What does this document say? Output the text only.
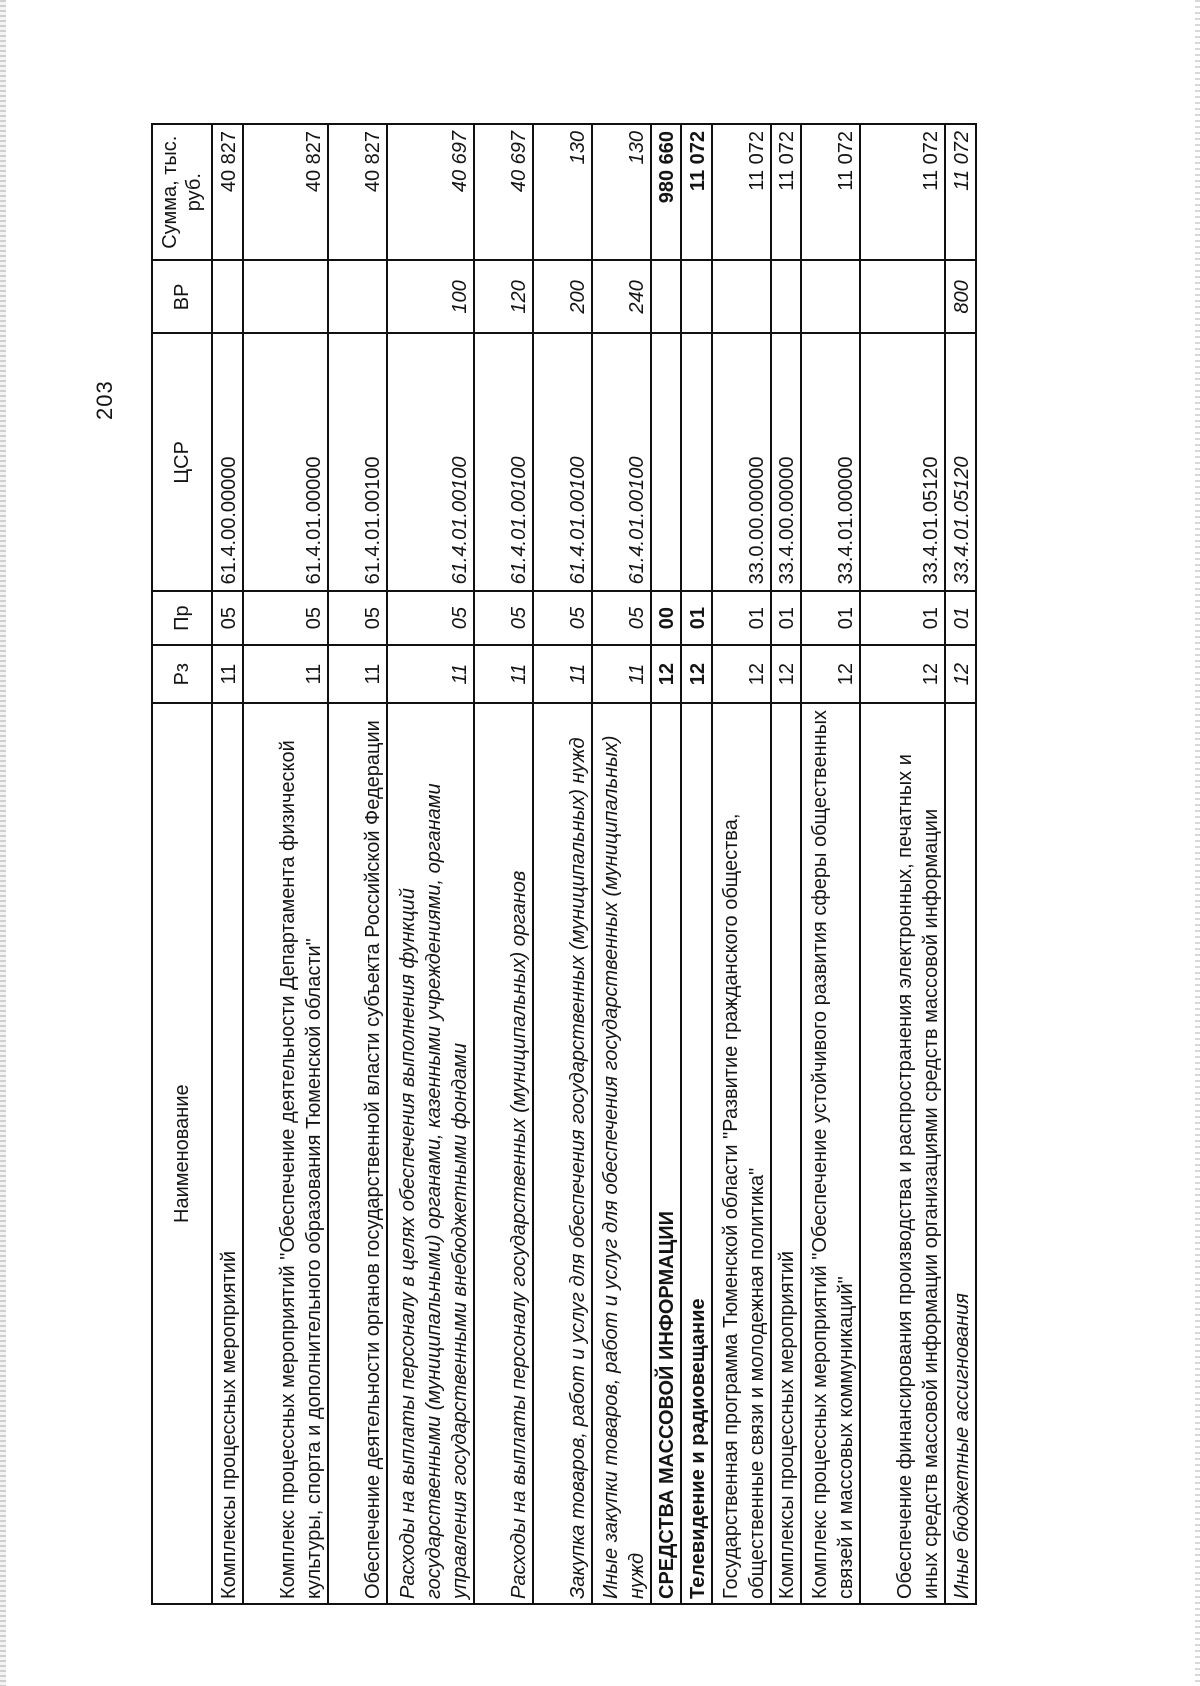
203
Наименование	Рз	Пр	ЦСР	ВР	Сумма, тыс. руб.
Комплексы процессных мероприятий	11	05	61.4.00.00000		40 827
Комплекс процессных мероприятий "Обеспечение деятельности Департамента физической культуры, спорта и дополнительного образования Тюменской области"	11	05	61.4.01.00000		40 827
Обеспечение деятельности органов государственной власти субъекта Российской Федерации	11	05	61.4.01.00100		40 827
Расходы на выплаты персоналу в целях обеспечения выполнения функций государственными (муниципальными) органами, казенными учреждениями, органами управления государственными внебюджетными фондами	11	05	61.4.01.00100	100	40 697
Расходы на выплаты персоналу государственных (муниципальных) органов	11	05	61.4.01.00100	120	40 697
Закупка товаров, работ и услуг для обеспечения государственных (муниципальных) нужд	11	05	61.4.01.00100	200	130
Иные закупки товаров, работ и услуг для обеспечения государственных (муниципальных) нужд	11	05	61.4.01.00100	240	130
СРЕДСТВА МАССОВОЙ ИНФОРМАЦИИ	12	00			980 660
Телевидение и радиовещание	12	01			11 072
Государственная программа Тюменской области "Развитие гражданского общества, общественные связи и молодежная политика"	12	01	33.0.00.00000		11 072
Комплексы процессных мероприятий	12	01	33.4.00.00000		11 072
Комплекс процессных мероприятий "Обеспечение устойчивого развития сферы общественных связей и массовых коммуникаций"	12	01	33.4.01.00000		11 072
Обеспечение финансирования производства и распространения электронных, печатных и иных средств массовой информации организациями средств массовой информации	12	01	33.4.01.05120		11 072
Иные бюджетные ассигнования	12	01	33.4.01.05120	800	11 072
